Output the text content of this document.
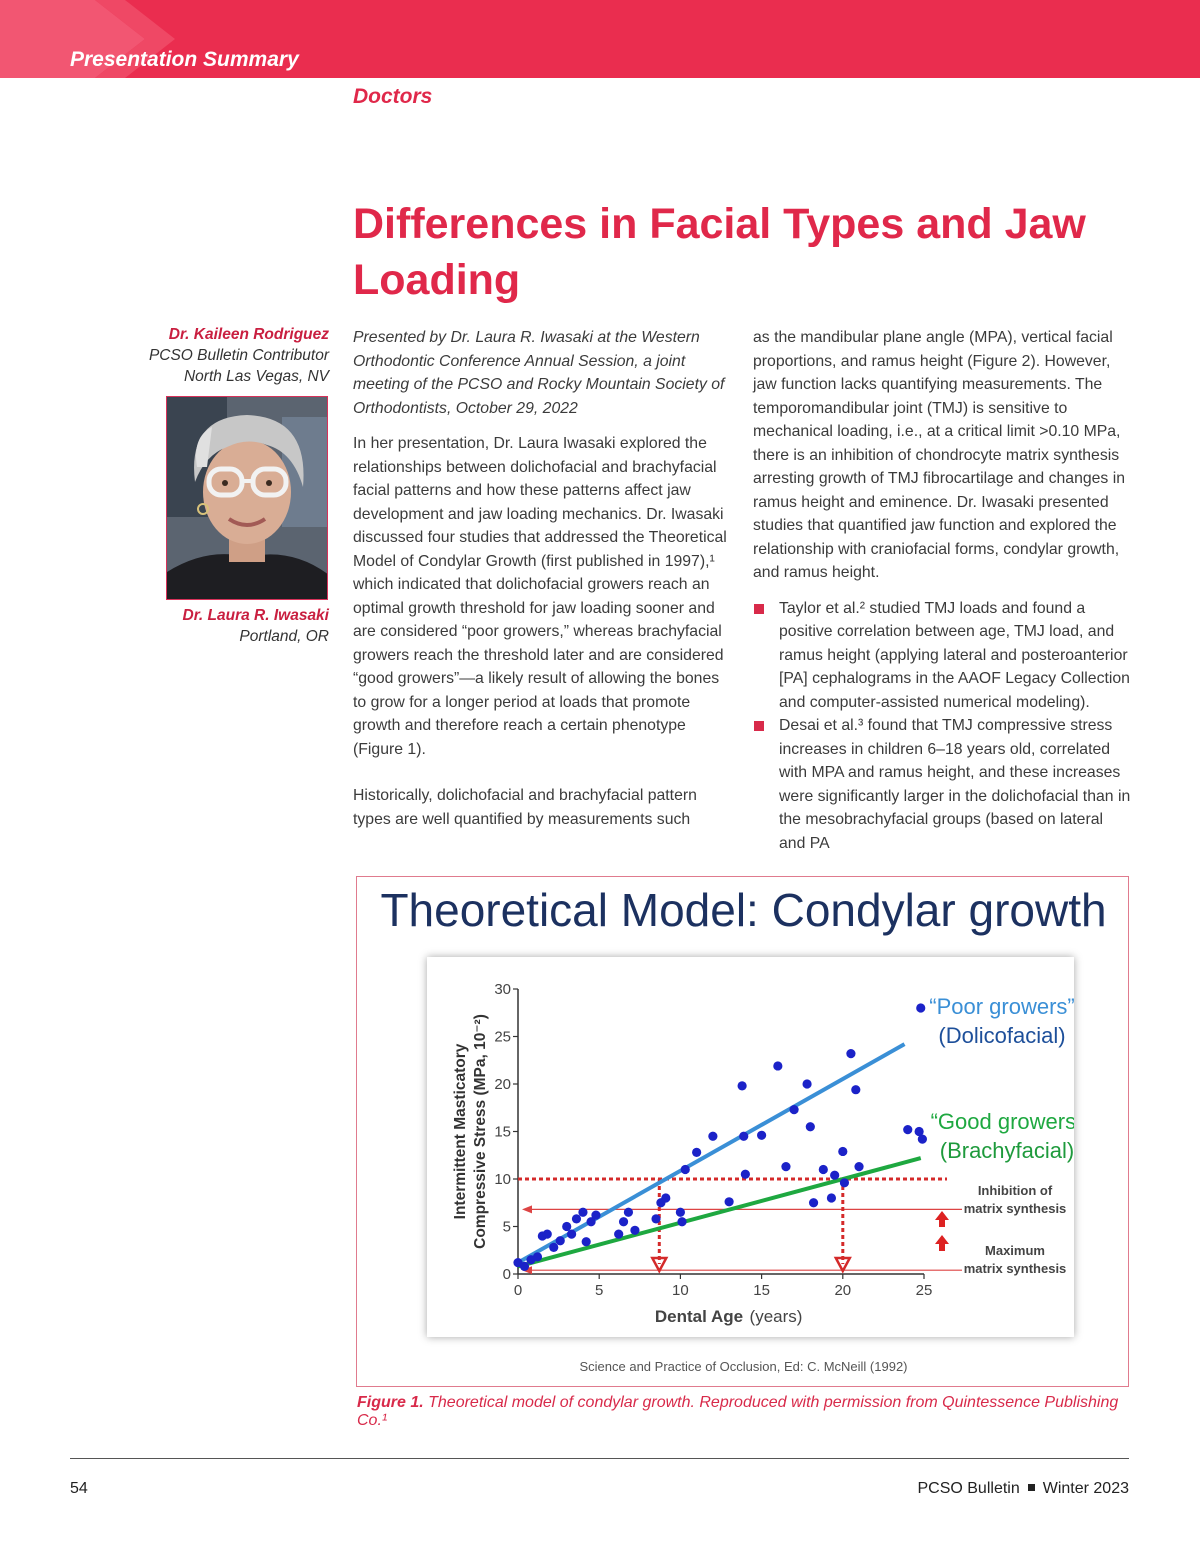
Presentation Summary
Doctors
Differences in Facial Types and Jaw Loading
Dr. Kaileen Rodriguez
PCSO Bulletin Contributor
North Las Vegas, NV
Dr. Laura R. Iwasaki
Portland, OR

Presented by Dr. Laura R. Iwasaki at the Western Orthodontic Conference Annual Session, a joint meeting of the PCSO and Rocky Mountain Society of Orthodontists, October 29, 2022

In her presentation, Dr. Laura Iwasaki explored the relationships between dolichofacial and brachyfacial facial patterns and how these patterns affect jaw development and jaw loading mechanics. Dr. Iwasaki discussed four studies that addressed the Theoretical Model of Condylar Growth (first published in 1997),¹ which indicated that dolichofacial growers reach an optimal growth threshold for jaw loading sooner and are considered “poor growers,” whereas brachyfacial growers reach the threshold later and are considered “good growers”—a likely result of allowing the bones to grow for a longer period at loads that promote growth and therefore reach a certain phenotype (Figure 1).

Historically, dolichofacial and brachyfacial pattern types are well quantified by measurements such

as the mandibular plane angle (MPA), vertical facial proportions, and ramus height (Figure 2). However, jaw function lacks quantifying measurements. The temporomandibular joint (TMJ) is sensitive to mechanical loading, i.e., at a critical limit >0.10 MPa, there is an inhibition of chondrocyte matrix synthesis arresting growth of TMJ fibrocartilage and changes in ramus height and eminence. Dr. Iwasaki presented studies that quantified jaw function and explored the relationship with craniofacial forms, condylar growth, and ramus height.

Taylor et al.² studied TMJ loads and found a positive correlation between age, TMJ load, and ramus height (applying lateral and posteroanterior [PA] cephalograms in the AAOF Legacy Collection and computer-assisted numerical modeling).
Desai et al.³ found that TMJ compressive stress increases in children 6–18 years old, correlated with MPA and ramus height, and these increases were significantly larger in the dolichofacial than in the mesobrachyfacial groups (based on lateral and PA
Theoretical Model: Condylar growth
0
5
10
15
20
25
30
0	5	10	15	20	25
Dental Age (years)
Intermittent Masticatory Compressive Stress (MPa, 10⁻²)
“Poor growers”
(Dolicofacial)
“Good growers”
(Brachyfacial)
Inhibition of
matrix synthesis
Maximum
matrix synthesis
Science and Practice of Occlusion, Ed: C. McNeill (1992)
Figure 1. Theoretical model of condylar growth. Reproduced with permission from Quintessence Publishing Co.¹
54	PCSO Bulletin Winter 2023
